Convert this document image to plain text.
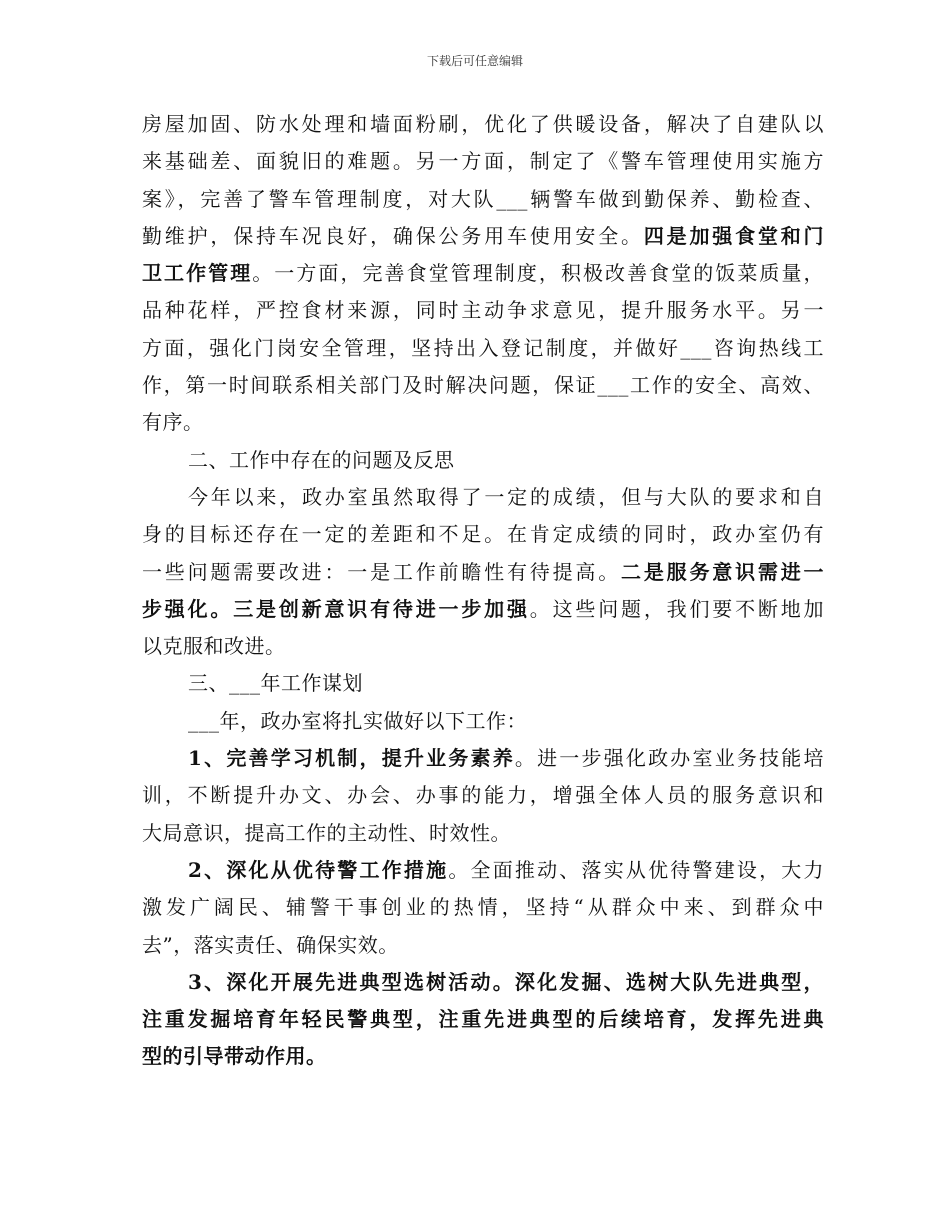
下载后可任意编辑
房屋加固、防水处理和墙面粉刷，优化了供暖设备，解决了自建队以
来基础差、面貌旧的难题。另一方面，制定了《警车管理使用实施方
案》，完善了警车管理制度，对大队___辆警车做到勤保养、勤检查、
勤维护，保持车况良好，确保公务用车使用安全。四是加强食堂和门
卫工作管理。一方面，完善食堂管理制度，积极改善食堂的饭菜质量，
品种花样，严控食材来源，同时主动争求意见，提升服务水平。另一
方面，强化门岗安全管理，坚持出入登记制度，并做好___咨询热线工
作，第一时间联系相关部门及时解决问题，保证___工作的安全、高效、
有序。
二、工作中存在的问题及反思
今年以来，政办室虽然取得了一定的成绩，但与大队的要求和自
身的目标还存在一定的差距和不足。在肯定成绩的同时，政办室仍有
一些问题需要改进：一是工作前瞻性有待提高。二是服务意识需进一
步强化。三是创新意识有待进一步加强。这些问题，我们要不断地加
以克服和改进。
三、___年工作谋划
___年，政办室将扎实做好以下工作：
1、完善学习机制，提升业务素养。进一步强化政办室业务技能培
训，不断提升办文、办会、办事的能力，增强全体人员的服务意识和
大局意识，提高工作的主动性、时效性。
2、深化从优待警工作措施。全面推动、落实从优待警建设，大力
激发广阔民、辅警干事创业的热情，坚持“从群众中来、到群众中
去”，落实责任、确保实效。
3、深化开展先进典型选树活动。深化发掘、选树大队先进典型，
注重发掘培育年轻民警典型，注重先进典型的后续培育，发挥先进典
型的引导带动作用。
